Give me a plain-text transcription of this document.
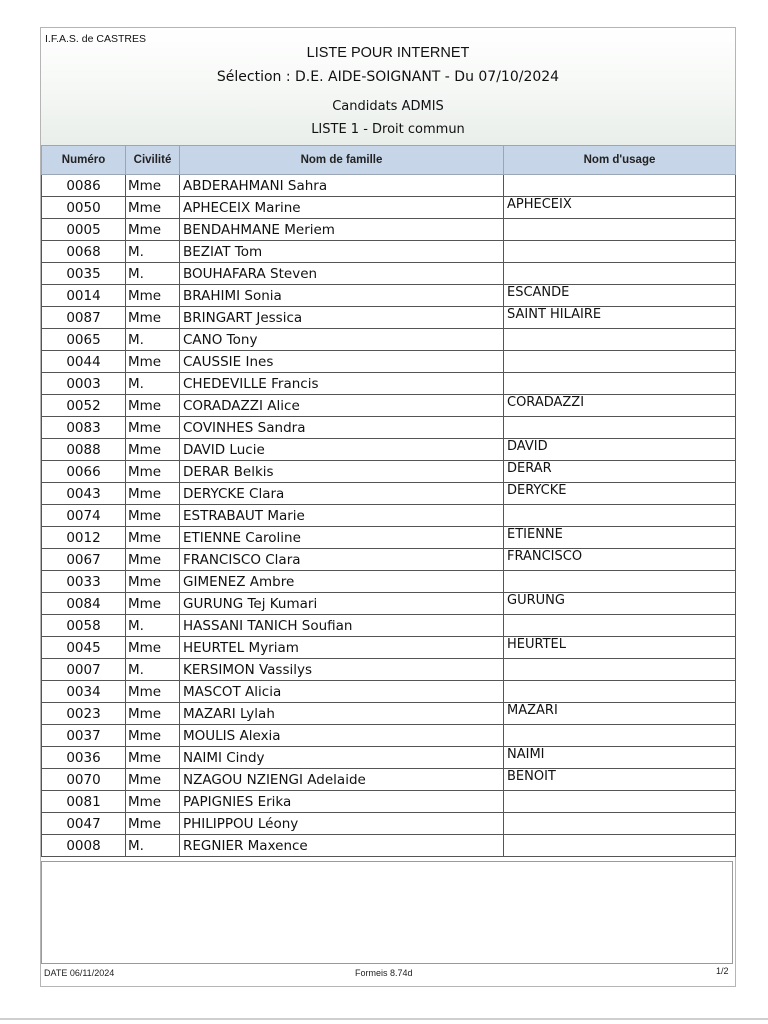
I.F.A.S. de CASTRES
LISTE POUR INTERNET
Sélection : D.E. AIDE-SOIGNANT - Du 07/10/2024
Candidats ADMIS
LISTE 1 - Droit commun
Numéro	Civilité	Nom de famille	Nom d'usage
0086	Mme	ABDERAHMANI Sahra	
0050	Mme	APHECEIX Marine	APHECEIX
0005	Mme	BENDAHMANE Meriem	
0068	M.	BEZIAT Tom	
0035	M.	BOUHAFARA Steven	
0014	Mme	BRAHIMI Sonia	ESCANDE
0087	Mme	BRINGART Jessica	SAINT HILAIRE
0065	M.	CANO Tony	
0044	Mme	CAUSSIE Ines	
0003	M.	CHEDEVILLE Francis	
0052	Mme	CORADAZZI Alice	CORADAZZI
0083	Mme	COVINHES Sandra	
0088	Mme	DAVID Lucie	DAVID
0066	Mme	DERAR Belkis	DERAR
0043	Mme	DERYCKE Clara	DERYCKE
0074	Mme	ESTRABAUT Marie	
0012	Mme	ETIENNE Caroline	ETIENNE
0067	Mme	FRANCISCO Clara	FRANCISCO
0033	Mme	GIMENEZ Ambre	
0084	Mme	GURUNG Tej Kumari	GURUNG
0058	M.	HASSANI TANICH Soufian	
0045	Mme	HEURTEL Myriam	HEURTEL
0007	M.	KERSIMON Vassilys	
0034	Mme	MASCOT Alicia	
0023	Mme	MAZARI Lylah	MAZARI
0037	Mme	MOULIS Alexia	
0036	Mme	NAIMI Cindy	NAIMI
0070	Mme	NZAGOU NZIENGI Adelaide	BENOIT
0081	Mme	PAPIGNIES Erika	
0047	Mme	PHILIPPOU Léony	
0008	M.	REGNIER Maxence	
DATE 06/11/2024	Formeis 8.74d	1/2
